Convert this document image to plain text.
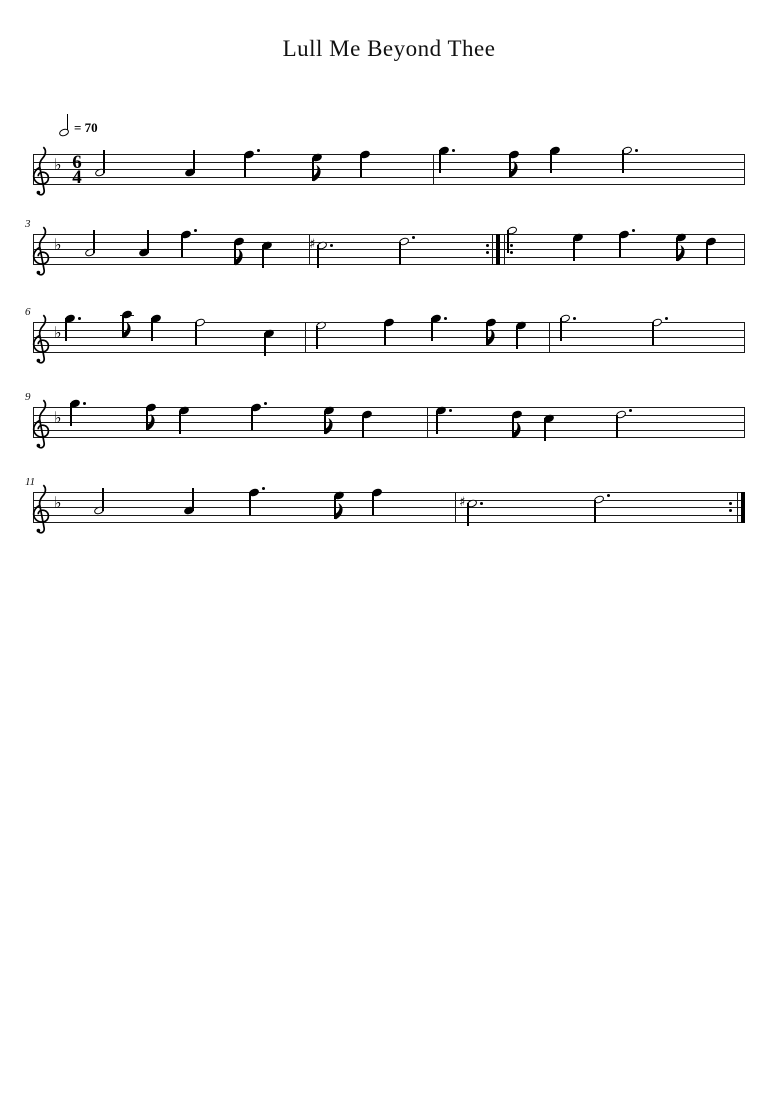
Lull Me Beyond Thee
♭ 6
4
= 70
3
♭	♯
6
♭
9
♭
11
♭	♯
